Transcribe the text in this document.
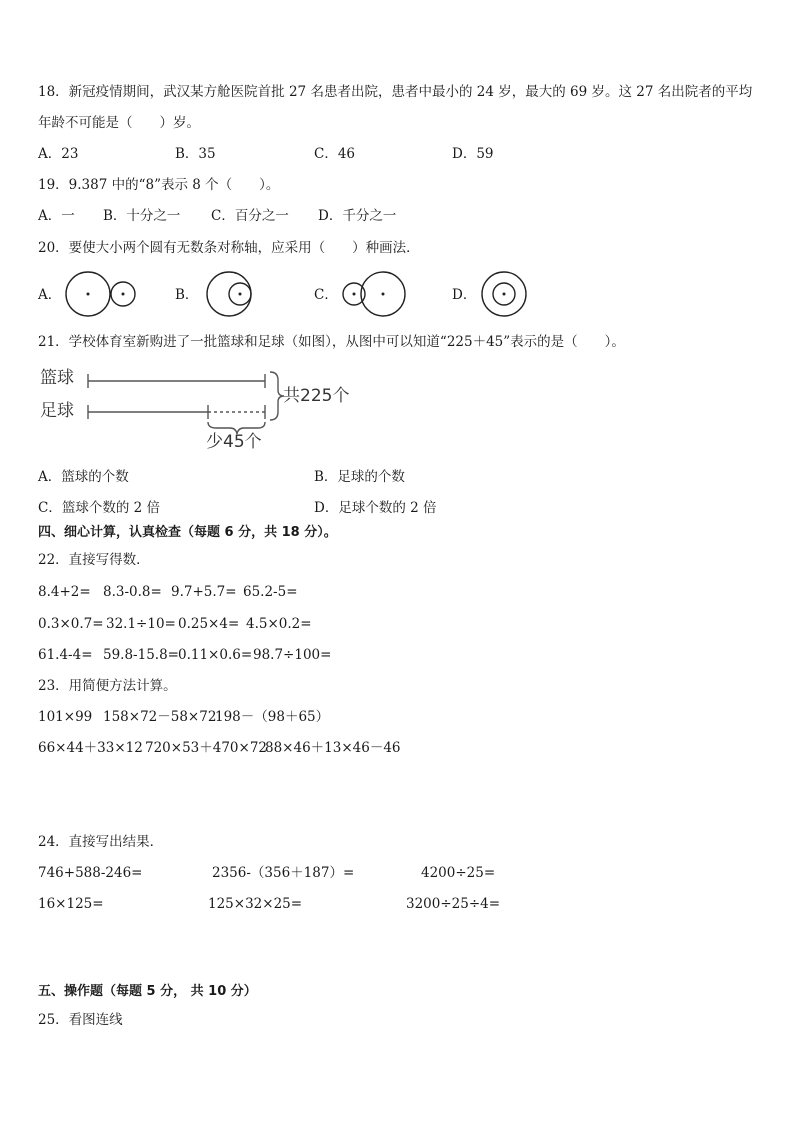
18．新冠疫情期间，武汉某方舱医院首批 27 名患者出院，患者中最小的 24 岁，最大的 69 岁。这 27 名出院者的平均
年龄不可能是（　　）岁。
A．23	B．35	C．46	D．59
19．9.387 中的“8”表示 8 个（　　）。
A．一 B．十分之一 C．百分之一 D．千分之一
20．要使大小两个圆有无数条对称轴，应采用（　　）种画法．
A．	B．	C．	D．
21．学校体育室新购进了一批篮球和足球（如图），从图中可以知道“225＋45”表示的是（　　）。
篮球
足球
共225个
少45个
A．篮球的个数	B．足球的个数
C．篮球个数的 2 倍	D．足球个数的 2 倍
四、细心计算，认真检查（每题 6 分，共 18 分）。
22．直接写得数．
8.4+2= 8.3-0.8= 9.7+5.7= 65.2-5=
0.3×0.7= 32.1÷10= 0.25×4= 4.5×0.2=
61.4-4= 59.8-15.8= 0.11×0.6= 98.7÷100=
23．用简便方法计算。
101×99 158×72－58×72
198－（98＋65）
66×44＋33×12 720×53＋470×72
88×46＋13×46－46
24．直接写出结果．
746+588-246=	2356-（356＋187）=	4200÷25=
16×125=	125×32×25=	3200÷25÷4=
五、操作题（每题 5 分， 共 10 分）
25．看图连线
